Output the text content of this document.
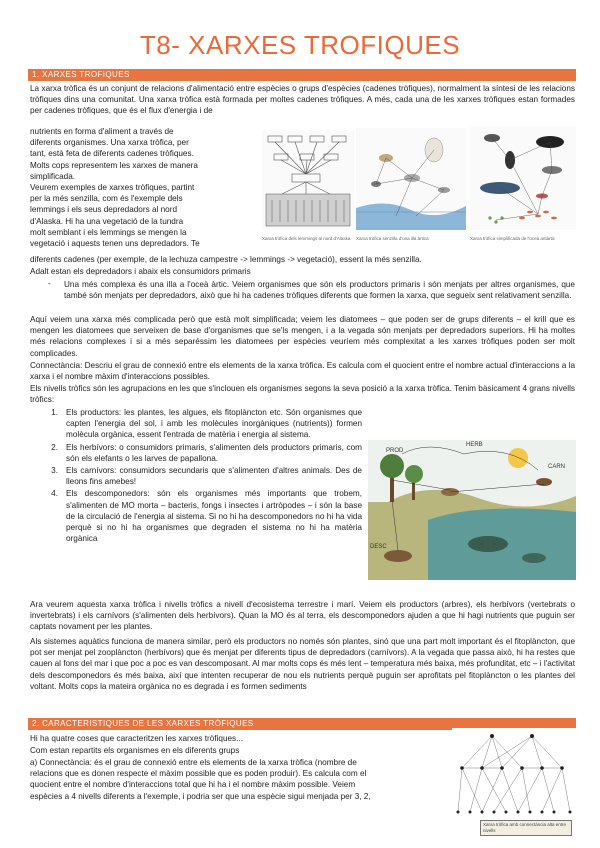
T8- XARXES TROFIQUES
1. XARXES TROFIQUES

La xarxa tròfica és un conjunt de relacions d'alimentació entre espècies o grups d'espècies (cadenes tròfiques), normalment la síntesi de les relacions tròfiques dins una comunitat. Una xarxa tròfica està formada per moltes cadenes tròfiques. A més, cada una de les xarxes tròfiques estan formades per cadenes tròfiques, que és el flux d'energia i de

nutrients en forma d'aliment a través de
diferents organismes. Una xarxa tròfica, per
tant, està feta de diferents cadenes tròfiques.
Molts cops representem les xarxes de manera
simplificada.
Veurem exemples de xarxes tròfiques, partint
per la més senzilla, com és l'exemple dels
lemmings i els seus depredadors al nord
d'Alaska. Hi ha una vegetació de la tundra
molt semblant i els lemmings se mengen la
vegetació i aquests tenen uns depredadors. Te

Xarxa tròfica dels lemmings al nord d'Alaska	Xarxa tròfica senzilla d'una illa àrtica	Xarxa tròfica simplificada de l'oceà antàrtic

diferents cadenes (per exemple, de la lechuza campestre -> lemmings -> vegetació), essent la més senzilla.

Adalt estan els depredadors i abaix els consumidors primaris

- Una més complexa és una illa a l'oceà àrtic. Veiem organismes que són els productors primaris i són menjats per altres organismes, que també són menjats per depredadors, això que hi ha cadenes tròfiques diferents que formen la xarxa, que segueix sent relativament senzilla.

Aquí veiem una xarxa més complicada però que està molt simplificada; veiem les diatomees – que poden ser de grups diferents – el krill que es mengen les diatomees que serveixen de base d'organismes que se'ls mengen, i a la vegada són menjats per depredadors superiors. Hi ha moltes més relacions complexes i si a més separéssim les diatomees per espècies veuríem més complexitat a les xarxes tròfiques poden ser molt complicades.

Connectància: Descriu el grau de connexió entre els elements de la xarxa tròfica. Es calcula com el quocient entre el nombre actual d'interaccions a la xarxa i el nombre màxim d'interaccions possibles.

Els nivells tròfics són les agrupacions en les que s'inclouen els organismes segons la seva posició a la xarxa tròfica. Tenim bàsicament 4 grans nivells tròfics:

1. Els productors: les plantes, les algues, els fitoplàncton etc. Són organismes que capten l'energia del sol, i amb les molècules inorgàniques (nutrients)) formen molècula orgànica, essent l'entrada de matèria i energia al sistema.
2. Els herbívors: o consumidors primaris, s'alimenten dels productors primaris, com són els elefants o les larves de papallona.
3. Els carnívors: consumidors secundaris que s'alimenten d'altres animals. Des de lleons fins amebes!
4. Els descomponedors: són els organismes més importants que trobem, s'alimenten de MO morta – bacteris, fongs i insectes i artròpodes – i són la base de la circulació de l'energia al sistema. Si no hi ha descomponedors no hi ha vida perquè si no hi ha organismes que degraden el sistema no hi ha matèria orgànica
PROD
HERB
CARN
DESC

Ara veurem aquesta xarxa tròfica i nivells tròfics a nivell d'ecosistema terrestre i marí. Veiem els productors (arbres), els herbívors (vertebrats o invertebrats) i els carnívors (s'alimenten dels herbívors). Quan la MO és al terra, els descomponedors ajuden a que hi hagi nutrients que puguin ser captats novament per les plantes.

Als sistemes aquàtics funciona de manera similar, però els productors no només són plantes, sinó que una part molt important és el fitoplàncton, que pot ser menjat pel zooplàncton (herbívors) que és menjat per diferents tipus de depredadors (carnívors). A la vegada que passa això, hi ha restes que cauen al fons del mar i que poc a poc es van descomposant. Al mar molts cops és més lent – temperatura més baixa, més profunditat, etc – i l'activitat dels descomponedors és més baixa, així que intenten recuperar de nou els nutrients perquè puguin ser aprofitats pel fitoplàncton o les plantes del voltant. Molts cops la mateira orgànica no es degrada i es formen sediments

2. CARACTERISTIQUES DE LES XARXES TRÒFIQUES

Hi ha quatre coses que caracteritzen les xarxes tròfiques...

Com estan repartits els organismes en els diferents grups

a) Connectància: és el grau de connexió entre els elements de la xarxa tròfica (nombre de
relacions que es donen respecte el màxim possible que es poden produir). Es calcula com el
quocient entre el nombre d'interaccions total que hi ha i el nombre màxim possible. Veiem
espècies a 4 nivells diferents a l'exemple, i podria ser que una espècie sigui menjada per 3, 2,
Xarxa tròfica amb connectància alta entre nivells
